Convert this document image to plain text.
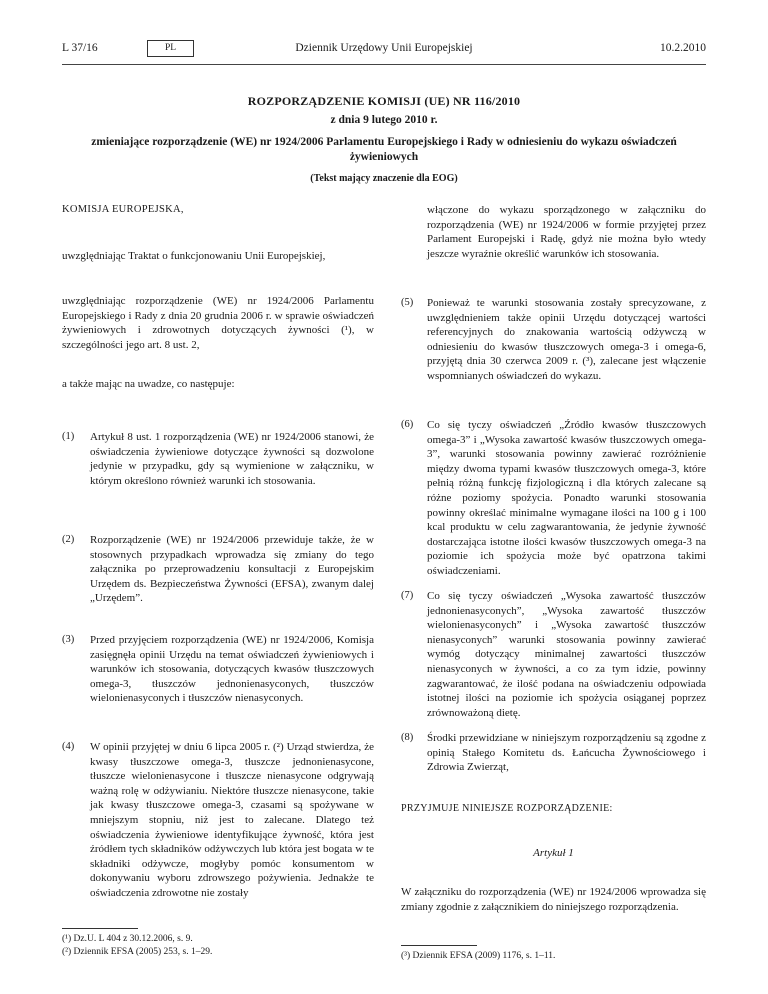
L 37/16	PL	Dziennik Urzędowy Unii Europejskiej	10.2.2010
ROZPORZĄDZENIE KOMISJI (UE) NR 116/2010
z dnia 9 lutego 2010 r.
zmieniające rozporządzenie (WE) nr 1924/2006 Parlamentu Europejskiego i Rady w odniesieniu do wykazu oświadczeń żywieniowych
(Tekst mający znaczenie dla EOG)
KOMISJA EUROPEJSKA,
uwzględniając Traktat o funkcjonowaniu Unii Europejskiej,
uwzględniając rozporządzenie (WE) nr 1924/2006 Parlamentu Europejskiego i Rady z dnia 20 grudnia 2006 r. w sprawie oświadczeń żywieniowych i zdrowotnych dotyczących żywności (¹), w szczególności jego art. 8 ust. 2,
a także mając na uwadze, co następuje:
(1) Artykuł 8 ust. 1 rozporządzenia (WE) nr 1924/2006 stanowi, że oświadczenia żywieniowe dotyczące żywności są dozwolone jedynie w przypadku, gdy są wymienione w załączniku, w którym określono również warunki ich stosowania.
(2) Rozporządzenie (WE) nr 1924/2006 przewiduje także, że w stosownych przypadkach wprowadza się zmiany do tego załącznika po przeprowadzeniu konsultacji z Europejskim Urzędem ds. Bezpieczeństwa Żywności (EFSA), zwanym dalej „Urzędem”.
(3) Przed przyjęciem rozporządzenia (WE) nr 1924/2006, Komisja zasięgnęła opinii Urzędu na temat oświadczeń żywieniowych i warunków ich stosowania, dotyczących kwasów tłuszczowych omega-3, tłuszczów jednonienasyconych, tłuszczów wielonienasyconych i tłuszczów nienasyconych.
(4) W opinii przyjętej w dniu 6 lipca 2005 r. (²) Urząd stwierdza, że kwasy tłuszczowe omega-3, tłuszcze jednonienasycone, tłuszcze wielonienasycone i tłuszcze nienasycone odgrywają ważną rolę w odżywianiu. Niektóre tłuszcze nienasycone, takie jak kwasy tłuszczowe omega-3, czasami są spożywane w mniejszym stopniu, niż jest to zalecane. Dlatego też oświadczenia żywieniowe identyfikujące żywność, która jest źródłem tych składników odżywczych lub która jest bogata w te składniki odżywcze, mogłyby pomóc konsumentom w dokonywaniu wyboru zdrowszego pożywienia. Jednakże te oświadczenia zdrowotne nie zostały
(¹) Dz.U. L 404 z 30.12.2006, s. 9.
(²) Dziennik EFSA (2005) 253, s. 1–29.
włączone do wykazu sporządzonego w załączniku do rozporządzenia (WE) nr 1924/2006 w formie przyjętej przez Parlament Europejski i Radę, gdyż nie można było wtedy jeszcze wyraźnie określić warunków ich stosowania.
(5) Ponieważ te warunki stosowania zostały sprecyzowane, z uwzględnieniem także opinii Urzędu dotyczącej wartości referencyjnych do znakowania wartością odżywczą w odniesieniu do kwasów tłuszczowych omega-3 i omega-6, przyjętą dnia 30 czerwca 2009 r. (³), zalecane jest włączenie wspomnianych oświadczeń do wykazu.
(6) Co się tyczy oświadczeń „Źródło kwasów tłuszczowych omega-3” i „Wysoka zawartość kwasów tłuszczowych omega-3”, warunki stosowania powinny zawierać rozróżnienie między dwoma typami kwasów tłuszczowych omega-3, które pełnią różną funkcję fizjologiczną i dla których zalecane są różne poziomy spożycia. Ponadto warunki stosowania powinny określać minimalne wymagane ilości na 100 g i 100 kcal produktu w celu zagwarantowania, że jedynie żywność dostarczająca istotne ilości kwasów tłuszczowych omega-3 na poziomie ich spożycia może być opatrzona takimi oświadczeniami.
(7) Co się tyczy oświadczeń „Wysoka zawartość tłuszczów jednonienasyconych”, „Wysoka zawartość tłuszczów wielonienasyconych” i „Wysoka zawartość tłuszczów nienasyconych” warunki stosowania powinny zawierać wymóg dotyczący minimalnej zawartości tłuszczów nienasyconych w żywności, a co za tym idzie, powinny zagwarantować, że ilość podana na oświadczeniu odpowiada istotnej ilości na poziomie ich spożycia osiąganej poprzez zrównoważoną dietę.
(8) Środki przewidziane w niniejszym rozporządzeniu są zgodne z opinią Stałego Komitetu ds. Łańcucha Żywnościowego i Zdrowia Zwierząt,
PRZYJMUJE NINIEJSZE ROZPORZĄDZENIE:
Artykuł 1
W załączniku do rozporządzenia (WE) nr 1924/2006 wprowadza się zmiany zgodnie z załącznikiem do niniejszego rozporządzenia.
(³) Dziennik EFSA (2009) 1176, s. 1–11.
